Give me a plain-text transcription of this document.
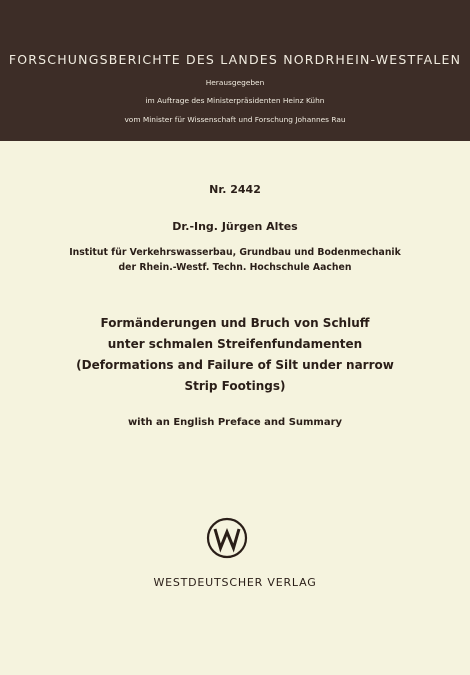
FORSCHUNGSBERICHTE DES LANDES NORDRHEIN-WESTFALEN
Herausgegeben
im Auftrage des Ministerpräsidenten Heinz Kühn
vom Minister für Wissenschaft und Forschung Johannes Rau
Nr. 2442
Dr.-Ing. Jürgen Altes
Institut für Verkehrswasserbau, Grundbau und Bodenmechanik
der Rhein.-Westf. Techn. Hochschule Aachen
Formänderungen und Bruch von Schluff
unter schmalen Streifenfundamenten
(Deformations and Failure of Silt under narrow
Strip Footings)
with an English Preface and Summary
WESTDEUTSCHER VERLAG
